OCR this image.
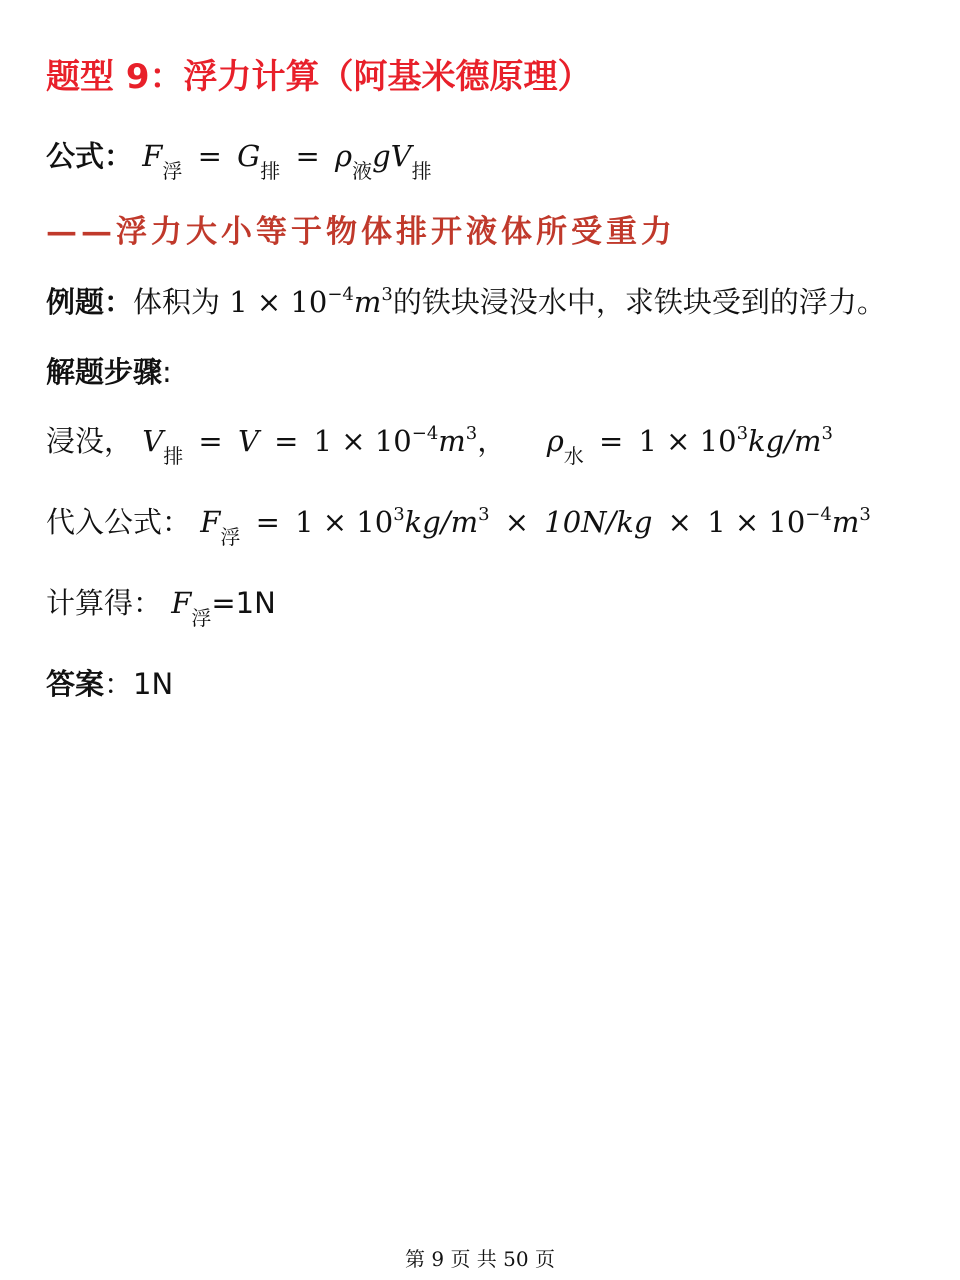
题型 9：浮力计算（阿基米德原理）
公式： $F_浮 = G_排 = \rho_液gV_排$
——浮力大小等于物体排开液体所受重力
例题：体积为 $1 \times 10^{-4}m^3$的铁块浸没水中，求铁块受到的浮力。
解题步骤:
浸没， $V_排 = V = 1 \times 10^{-4}m^3$， $\rho_水 = 1 \times 10^3kg/m^3$
代入公式： $F_浮 = 1 \times 10^3kg/m^3 \times 10N/kg \times 1 \times 10^{-4}m^3$
计算得： $F_浮=1N$
答案：1N
第 9 页 共 50 页
